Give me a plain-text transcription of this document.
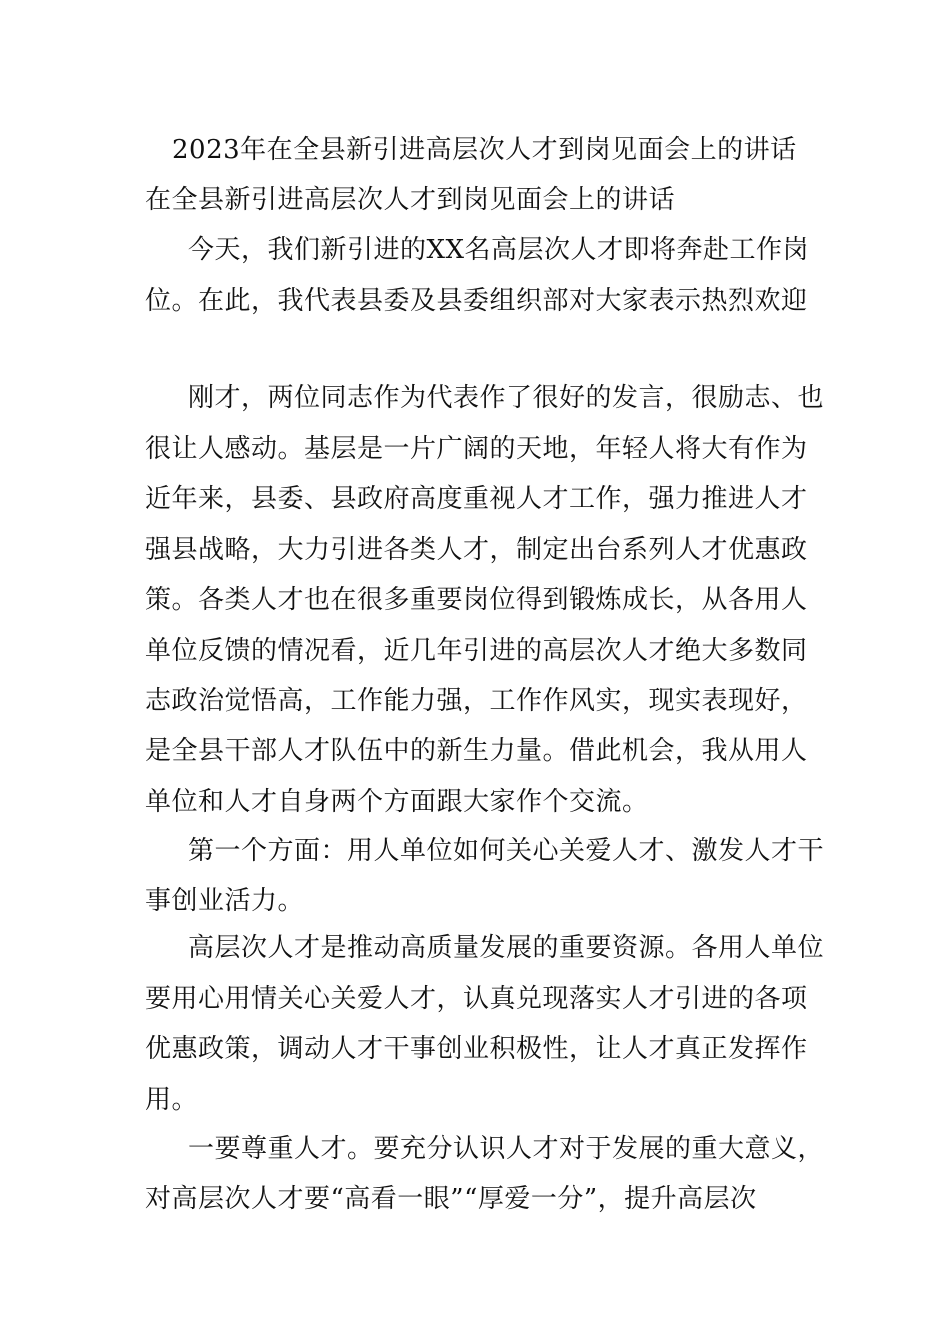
2023年在全县新引进高层次人才到岗见面会上的讲话
在全县新引进高层次人才到岗见面会上的讲话
今天，我们新引进的XX名高层次人才即将奔赴工作岗
位。在此，我代表县委及县委组织部对大家表示热烈欢迎
刚才，两位同志作为代表作了很好的发言，很励志、也
很让人感动。基层是一片广阔的天地，年轻人将大有作为
近年来，县委、县政府高度重视人才工作，强力推进人才
强县战略，大力引进各类人才，制定出台系列人才优惠政
策。各类人才也在很多重要岗位得到锻炼成长，从各用人
单位反馈的情况看，近几年引进的高层次人才绝大多数同
志政治觉悟高，工作能力强，工作作风实，现实表现好，
是全县干部人才队伍中的新生力量。借此机会，我从用人
单位和人才自身两个方面跟大家作个交流。
第一个方面：用人单位如何关心关爱人才、激发人才干
事创业活力。
高层次人才是推动高质量发展的重要资源。各用人单位
要用心用情关心关爱人才，认真兑现落实人才引进的各项
优惠政策，调动人才干事创业积极性，让人才真正发挥作
用。
一要尊重人才。要充分认识人才对于发展的重大意义，
对高层次人才要“高看一眼”“厚爱一分”，提升高层次
